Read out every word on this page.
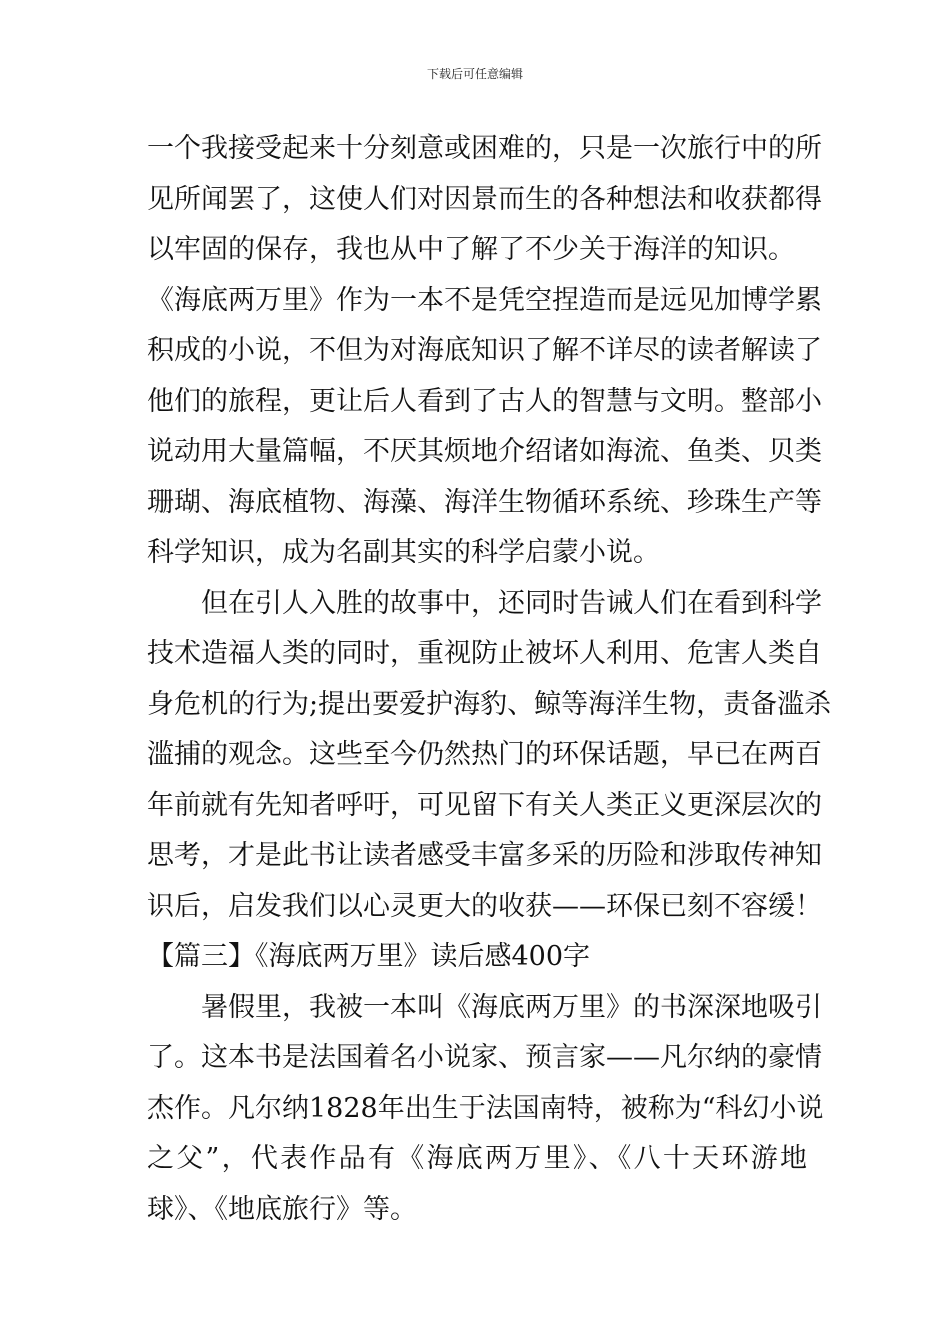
下载后可任意编辑
一个我接受起来十分刻意或困难的，只是一次旅行中的所
见所闻罢了，这使人们对因景而生的各种想法和收获都得
以牢固的保存，我也从中了解了不少关于海洋的知识。
《海底两万里》作为一本不是凭空捏造而是远见加博学累
积成的小说，不但为对海底知识了解不详尽的读者解读了
他们的旅程，更让后人看到了古人的智慧与文明。整部小
说动用大量篇幅，不厌其烦地介绍诸如海流、鱼类、贝类
珊瑚、海底植物、海藻、海洋生物循环系统、珍珠生产等
科学知识，成为名副其实的科学启蒙小说。
但在引人入胜的故事中，还同时告诫人们在看到科学
技术造福人类的同时，重视防止被坏人利用、危害人类自
身危机的行为;提出要爱护海豹、鲸等海洋生物，责备滥杀
滥捕的观念。这些至今仍然热门的环保话题，早已在两百
年前就有先知者呼吁，可见留下有关人类正义更深层次的
思考，才是此书让读者感受丰富多采的历险和涉取传神知
识后，启发我们以心灵更大的收获——环保已刻不容缓！
【篇三】《海底两万里》读后感400字
暑假里，我被一本叫《海底两万里》的书深深地吸引
了。这本书是法国着名小说家、预言家——凡尔纳的豪情
杰作。凡尔纳1828年出生于法国南特，被称为“科幻小说
之父”，代表作品有《海底两万里》、《八十天环游地
球》、《地底旅行》等。
